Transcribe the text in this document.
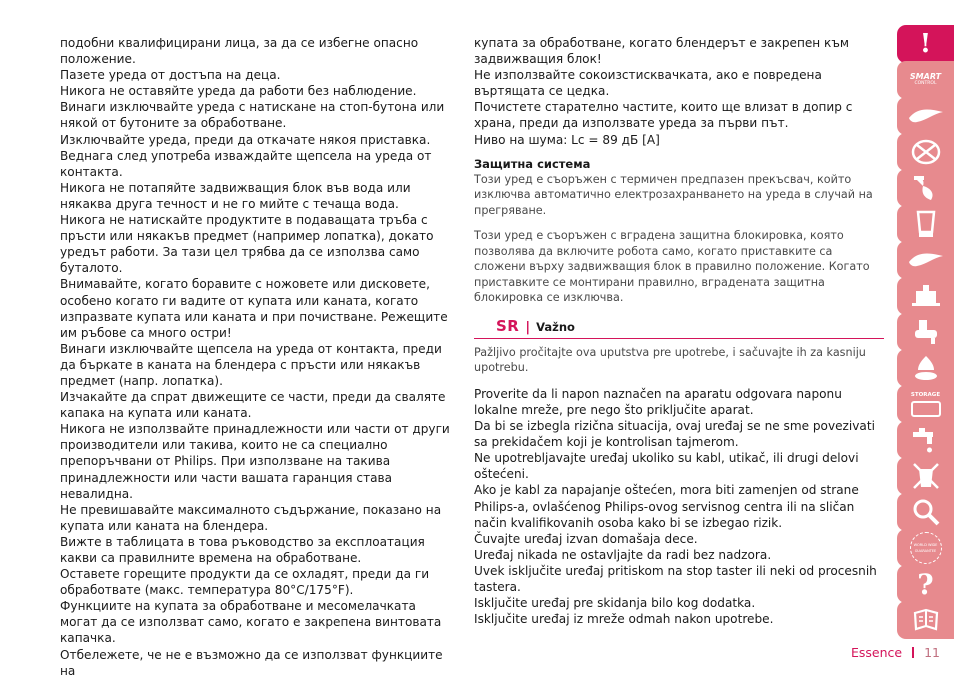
подобни квалифицирани лица, за да се избегне опасно положение.

Пазете уреда от достъпа на деца.

Никога не оставяйте уреда да работи без наблюдение.

Винаги изключвайте уреда с натискане на стоп-бутона или някой от бутоните за обработване.

Изключвайте уреда, преди да откачате някоя приставка.

Веднага след употреба изваждайте щепсела на уреда от контакта.

Никога не потапяйте задвижващия блок във вода или някаква друга течност и не го мийте с течаща вода.

Никога не натискайте продуктите в подаващата тръба с пръсти или някакъв предмет (например лопатка), докато уредът работи. За тази цел трябва да се използва само буталото.

Внимавайте, когато боравите с ножовете или дисковете, особено когато ги вадите от купата или каната, когато изпразвате купата или каната и при почистване. Режещите им ръбове са много остри!

Винаги изключвайте щепсела на уреда от контакта, преди да бъркате в каната на блендера с пръсти или някакъв предмет (напр. лопатка).

Изчакайте да спрат движещите се части, преди да сваляте капака на купата или каната.

Никога не използвайте принадлежности или части от други производители или такива, които не са специално препоръчвани от Philips. При използване на такива принадлежности или части вашата гаранция става невалидна.

Не превишавайте максималното съдържание, показано на купата или каната на блендера.

Вижте в таблицата в това ръководство за експлоатация какви са правилните времена на обработване.

Оставете горещите продукти да се охладят, преди да ги обработвате (макс. температура 80°C/175°F).

Функциите на купата за обработване и месомелачката могат да се използват само, когато е закрепена винтовата капачка.

Отбележете, че не е възможно да се използват функциите на

купата за обработване, когато блендерът е закрепен към задвижващия блок!

Не използвайте сокоизстисквачката, ако е повредена въртящата се цедка.

Почистете старателно частите, които ще влизат в допир с храна, преди да използвате уреда за първи път.

Ниво на шума: Lc = 89 дБ [A]

Защитна система

Този уред е съоръжен с термичен предпазен прекъсвач, който изключва автоматично електрозахранването на уреда в случай на прегряване.

Този уред е съоръжен с вградена защитна блокировка, която позволява да включите робота само, когато приставките са сложени върху задвижващия блок в правилно положение. Когато приставките се монтирани правилно, вградената защитна блокировка се изключва.

SR | Važno

Pažljivo pročitajte ova uputstva pre upotrebe, i sačuvajte ih za kasniju upotrebu.

Proverite da li napon naznačen na aparatu odgovara naponu lokalne mreže, pre nego što priključite aparat.

Da bi se izbegla rizična situacija, ovaj uređaj se ne sme povezivati sa prekidačem koji je kontrolisan tajmerom.

Ne upotrebljavajte uređaj ukoliko su kabl, utikač, ili drugi delovi oštećeni.

Ako je kabl za napajanje oštećen, mora biti zamenjen od strane Philips-a, ovlašćenog Philips-ovog servisnog centra ili na sličan način kvalifikovanih osoba kako bi se izbegao rizik.

Čuvajte uređaj izvan domašaja dece.

Uređaj nikada ne ostavljajte da radi bez nadzora.

Uvek isključite uređaj pritiskom na stop taster ili neki od procesnih tastera.

Isključite uređaj pre skidanja bilo kog dodatka.

Isključite uređaj iz mreže odmah nakon upotrebe.

!
SMART
CONTROL
STORAGE
WORLD WIDE
GUARANTEE
?
Essence 11
